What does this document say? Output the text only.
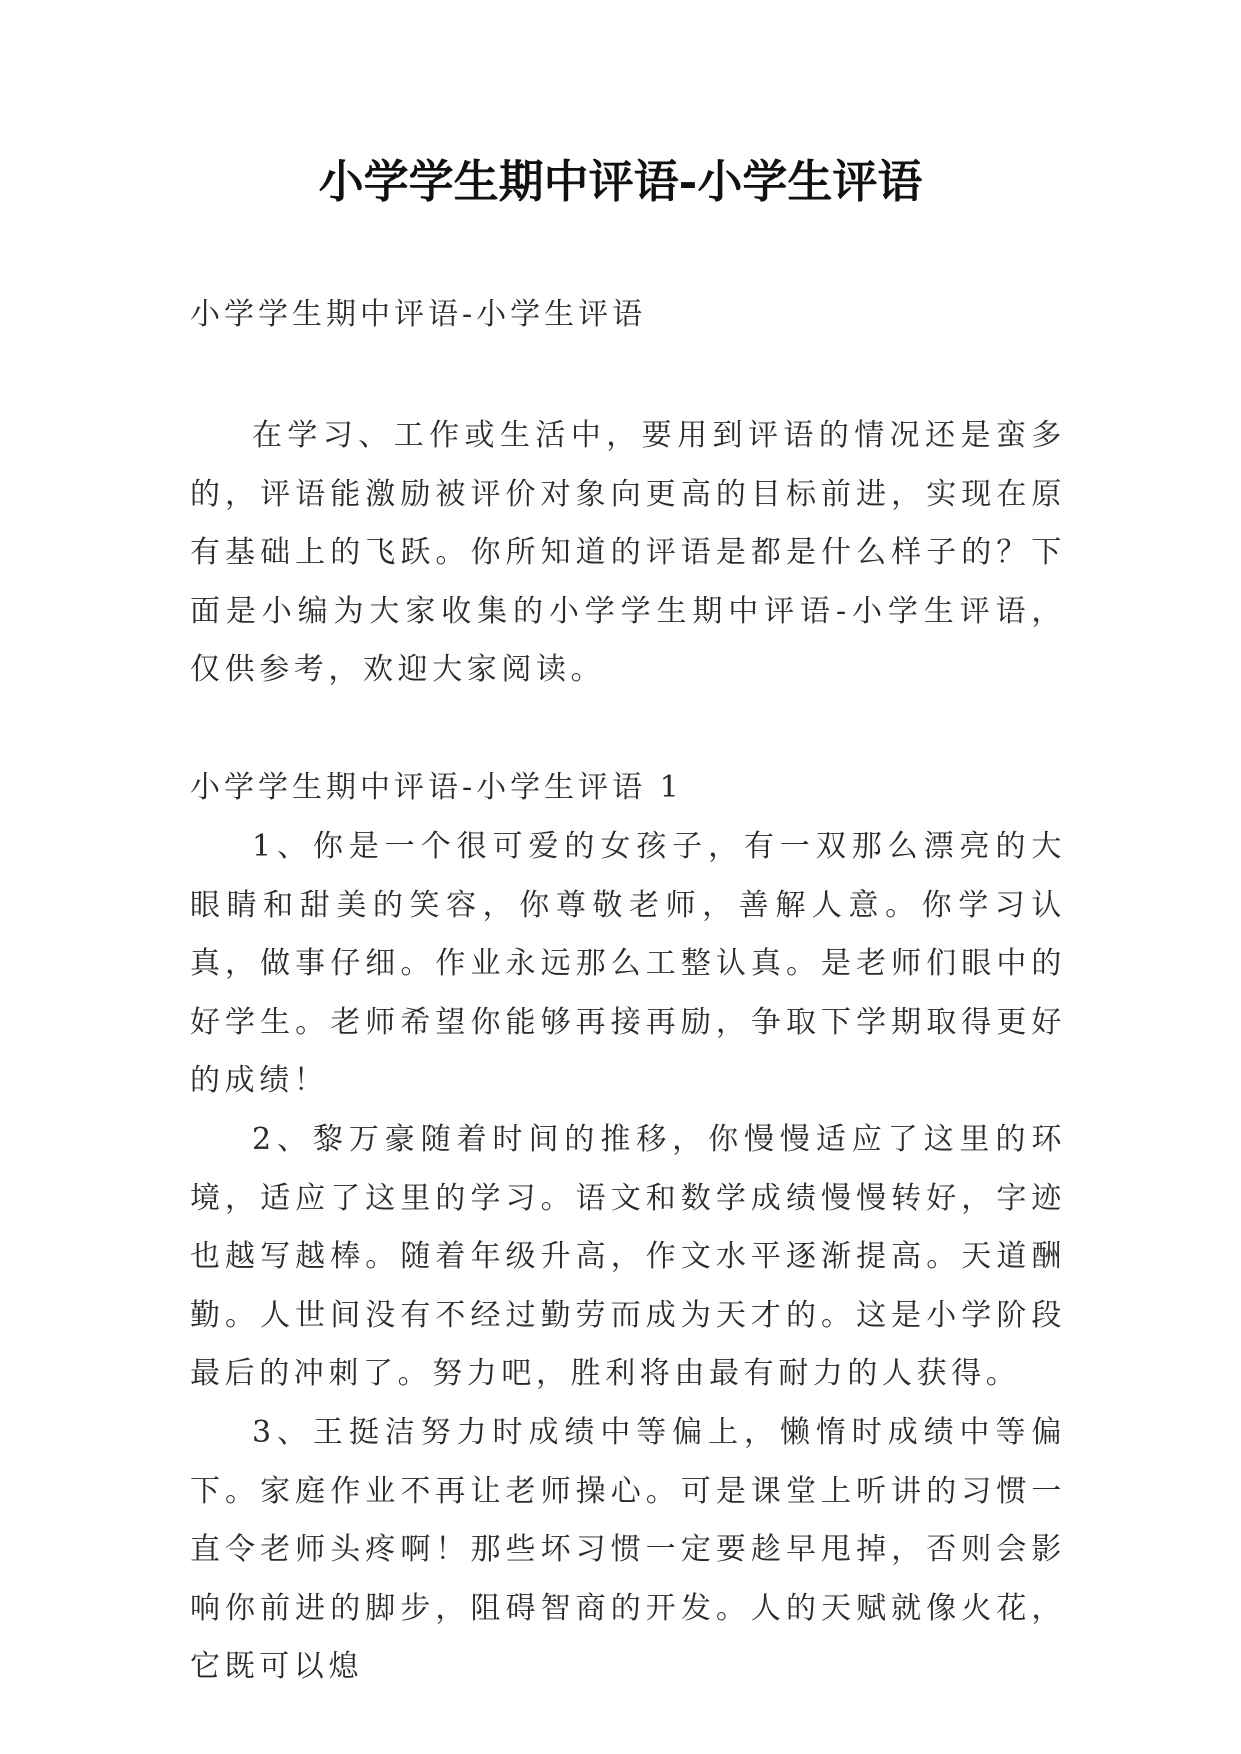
小学学生期中评语-小学生评语
小学学生期中评语-小学生评语

在学习、工作或生活中，要用到评语的情况还是蛮多的，评语能激励被评价对象向更高的目标前进，实现在原有基础上的飞跃。你所知道的评语是都是什么样子的？下面是小编为大家收集的小学学生期中评语-小学生评语，仅供参考，欢迎大家阅读。

小学学生期中评语-小学生评语 1

1、你是一个很可爱的女孩子，有一双那么漂亮的大眼睛和甜美的笑容，你尊敬老师，善解人意。你学习认真，做事仔细。作业永远那么工整认真。是老师们眼中的好学生。老师希望你能够再接再励，争取下学期取得更好的成绩！

2、黎万豪随着时间的推移，你慢慢适应了这里的环境，适应了这里的学习。语文和数学成绩慢慢转好，字迹也越写越棒。随着年级升高，作文水平逐渐提高。天道酬勤。人世间没有不经过勤劳而成为天才的。这是小学阶段最后的冲刺了。努力吧，胜利将由最有耐力的人获得。

3、王挺洁努力时成绩中等偏上，懒惰时成绩中等偏下。家庭作业不再让老师操心。可是课堂上听讲的习惯一直令老师头疼啊！那些坏习惯一定要趁早甩掉，否则会影响你前进的脚步，阻碍智商的开发。人的天赋就像火花，它既可以熄
